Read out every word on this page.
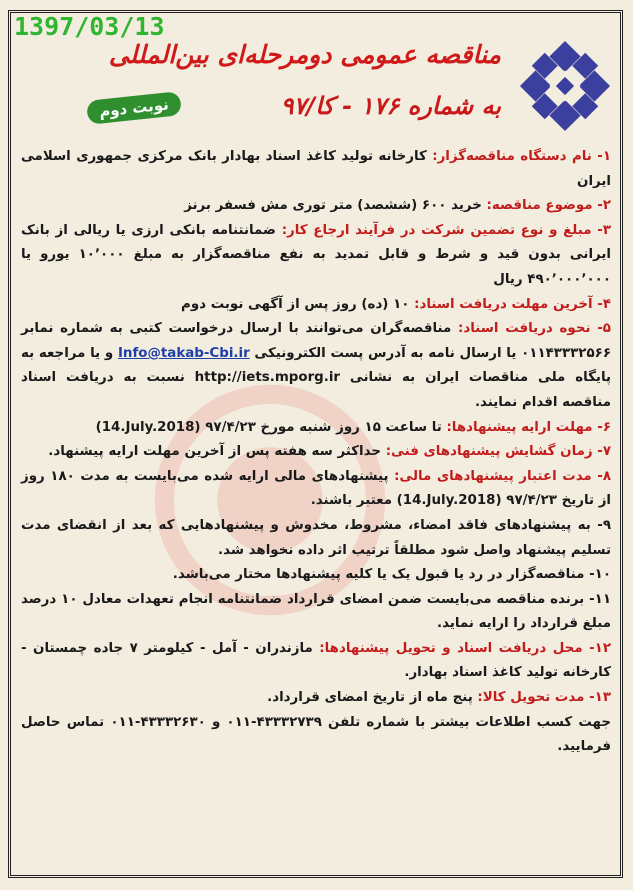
1397/03/13
مناقصه عمومی دومرحله‌ای بین‌المللی
به شماره ۱۷۶ - کا/۹۷
نوبت دوم

۱- نام دستگاه مناقصه‌گزار: کارخانه تولید کاغذ اسناد بهادار بانک مرکزی جمهوری اسلامی ایران

۲- موضوع مناقصه: خرید ۶۰۰ (ششصد) متر توری مش فسفر برنز

۳- مبلغ و نوع تضمین شرکت در فرآیند ارجاع کار: ضمانتنامه بانکی ارزی یا ریالی از بانک ایرانی بدون قید و شرط و قابل تمدید به نفع مناقصه‌گزار به مبلغ ۱۰٬۰۰۰ یورو یا ۴۹۰٬۰۰۰٬۰۰۰ ریال

۴- آخرین مهلت دریافت اسناد: ۱۰ (ده) روز پس از آگهی نوبت دوم

۵- نحوه دریافت اسناد: مناقصه‌گران می‌توانند با ارسال درخواست کتبی به شماره نمابر ۰۱۱۴۳۳۳۲۵۶۶ یا ارسال نامه به آدرس پست الکترونیکی Info@takab-Cbi.ir و یا مراجعه به پایگاه ملی مناقصات ایران به نشانی http://iets.mporg.ir نسبت به دریافت اسناد مناقصه اقدام نمایند.

۶- مهلت ارایه پیشنهادها: تا ساعت ۱۵ روز شنبه مورخ ۹۷/۴/۲۳ (14.July.2018)

۷- زمان گشایش پیشنهادهای فنی: حداکثر سه هفته پس از آخرین مهلت ارایه پیشنهاد.

۸- مدت اعتبار پیشنهادهای مالی: پیشنهادهای مالی ارایه شده می‌بایست به مدت ۱۸۰ روز از تاریخ ۹۷/۴/۲۳ (14.July.2018) معتبر باشند.

۹- به پیشنهادهای فاقد امضاء، مشروط، مخدوش و پیشنهادهایی که بعد از انقضای مدت تسلیم پیشنهاد واصل شود مطلقاً ترتیب اثر داده نخواهد شد.

۱۰- مناقصه‌گزار در رد یا قبول یک یا کلیه پیشنهادها مختار می‌باشد.

۱۱- برنده مناقصه می‌بایست ضمن امضای قرارداد ضمانتنامه انجام تعهدات معادل ۱۰ درصد مبلغ قرارداد را ارایه نماید.

۱۲- محل دریافت اسناد و تحویل پیشنهادها: مازندران - آمل - کیلومتر ۷ جاده چمستان - کارخانه تولید کاغذ اسناد بهادار.

۱۳- مدت تحویل کالا: پنج ماه از تاریخ امضای قرارداد.

جهت کسب اطلاعات بیشتر با شماره تلفن ۴۳۳۳۲۷۳۹-۰۱۱ و ۴۳۳۳۲۶۳۰-۰۱۱ تماس حاصل فرمایید.
